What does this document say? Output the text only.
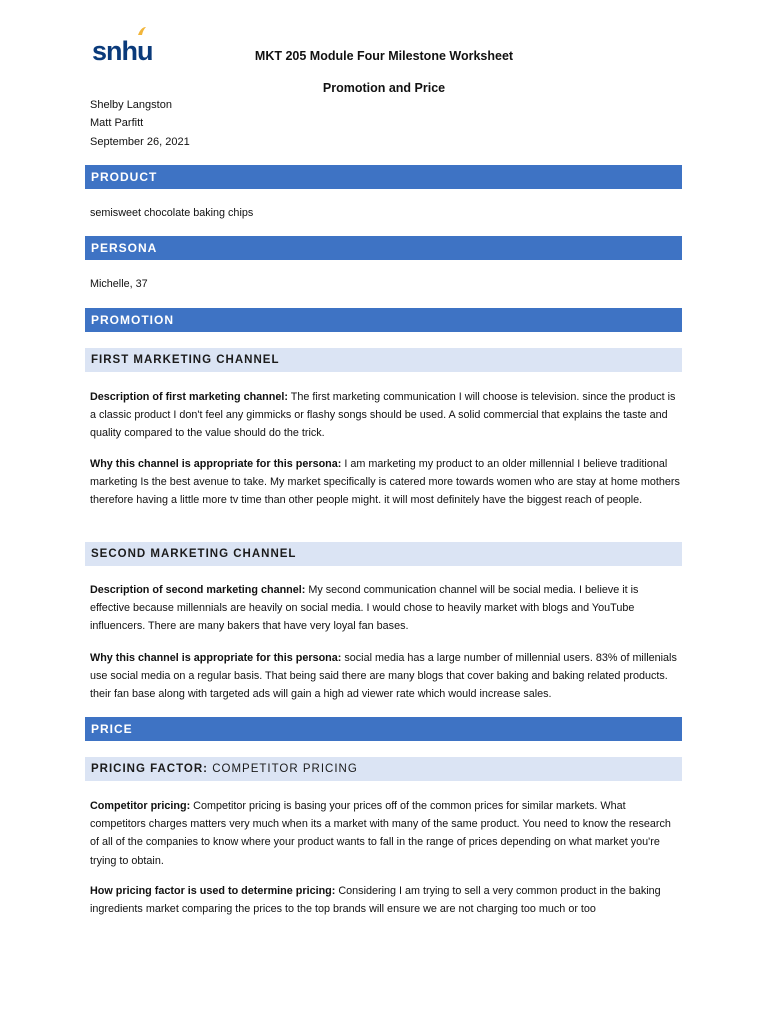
snhu	MKT 205 Module Four Milestone Worksheet
Promotion and Price
Shelby Langston
Matt Parfitt
September 26, 2021
PRODUCT
semisweet chocolate baking chips
PERSONA
Michelle, 37
PROMOTION
FIRST MARKETING CHANNEL
Description of first marketing channel: The first marketing communication I will choose is television. since the product is a classic product I don't feel any gimmicks or flashy songs should be used. A solid commercial that explains the taste and quality compared to the value should do the trick.
Why this channel is appropriate for this persona: I am marketing my product to an older millennial I believe traditional marketing Is the best avenue to take. My market specifically is catered more towards women who are stay at home mothers therefore having a little more tv time than other people might. it will most definitely have the biggest reach of people.
SECOND MARKETING CHANNEL
Description of second marketing channel: My second communication channel will be social media. I believe it is effective because millennials are heavily on social media. I would chose to heavily market with blogs and YouTube influencers. There are many bakers that have very loyal fan bases.
Why this channel is appropriate for this persona: social media has a large number of millennial users. 83% of millenials use social media on a regular basis. That being said there are many blogs that cover baking and baking related products. their fan base along with targeted ads will gain a high ad viewer rate which would increase sales.
PRICE
PRICING FACTOR: COMPETITOR PRICING
Competitor pricing: Competitor pricing is basing your prices off of the common prices for similar markets. What competitors charges matters very much when its a market with many of the same product. You need to know the research of all of the companies to know where your product wants to fall in the range of prices depending on what market you're trying to obtain.
How pricing factor is used to determine pricing: Considering I am trying to sell a very common product in the baking ingredients market comparing the prices to the top brands will ensure we are not charging too much or too
